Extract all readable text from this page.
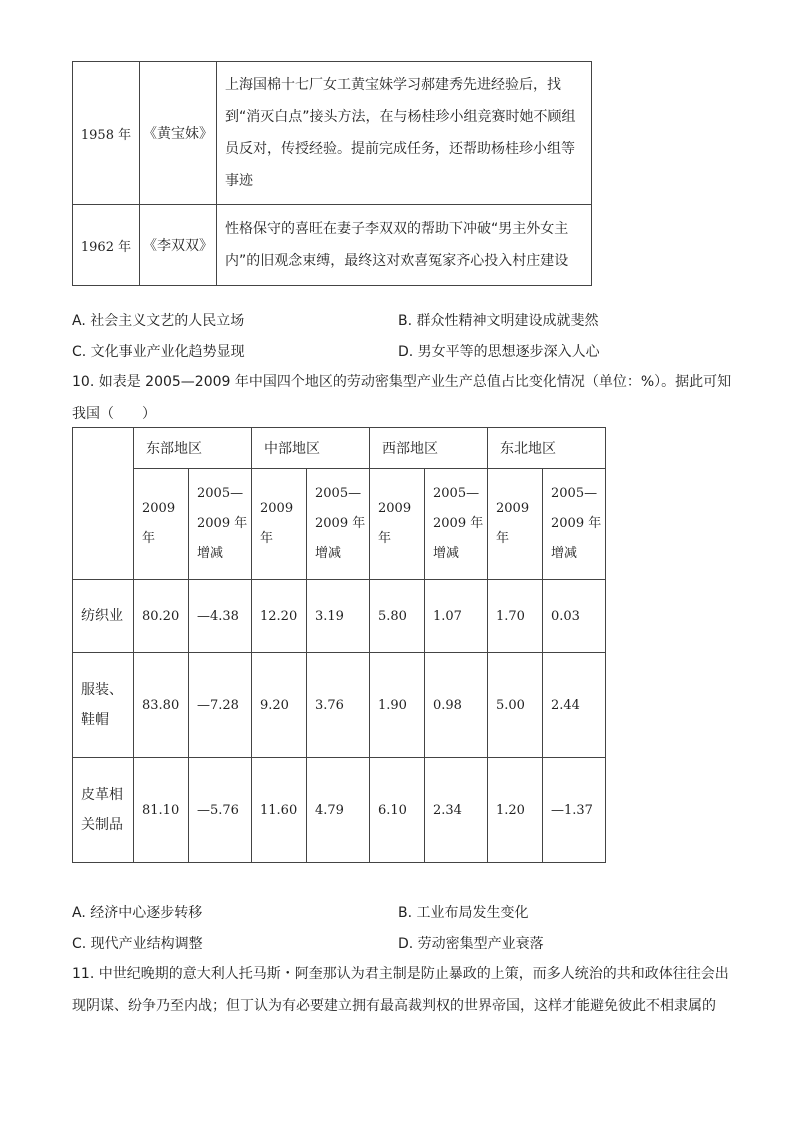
1958 年	《黄宝妹》	上海国棉十七厂女工黄宝妹学习郝建秀先进经验后，找到“消灭白点”接头方法，在与杨桂珍小组竞赛时她不顾组员反对，传授经验。提前完成任务，还帮助杨桂珍小组等事迹
1962 年	《李双双》	性格保守的喜旺在妻子李双双的帮助下冲破“男主外女主内”的旧观念束缚，最终这对欢喜冤家齐心投入村庄建设
A. 社会主义文艺的人民立场	B. 群众性精神文明建设成就斐然
C. 文化事业产业化趋势显现	D. 男女平等的思想逐步深入人心
10. 如表是 2005—2009 年中国四个地区的劳动密集型产业生产总值占比变化情况（单位：%）。据此可知我国（　　）
	东部地区		中部地区		西部地区		东北地区	
	2009 年	2005—2009 年增减	2009 年	2005—2009 年增减	2009 年	2005—2009 年增减	2009 年	2005—2009 年增减
纺织业	80.20	—4.38	12.20	3.19	5.80	1.07	1.70	0.03
服装、鞋帽	83.80	—7.28	9.20	3.76	1.90	0.98	5.00	2.44
皮革相关制品	81.10	—5.76	11.60	4.79	6.10	2.34	1.20	—1.37
A. 经济中心逐步转移	B. 工业布局发生变化
C. 现代产业结构调整	D. 劳动密集型产业衰落
11. 中世纪晚期的意大利人托马斯・阿奎那认为君主制是防止暴政的上策，而多人统治的共和政体往往会出现阴谋、纷争乃至内战；但丁认为有必要建立拥有最高裁判权的世界帝国，这样才能避免彼此不相隶属的
